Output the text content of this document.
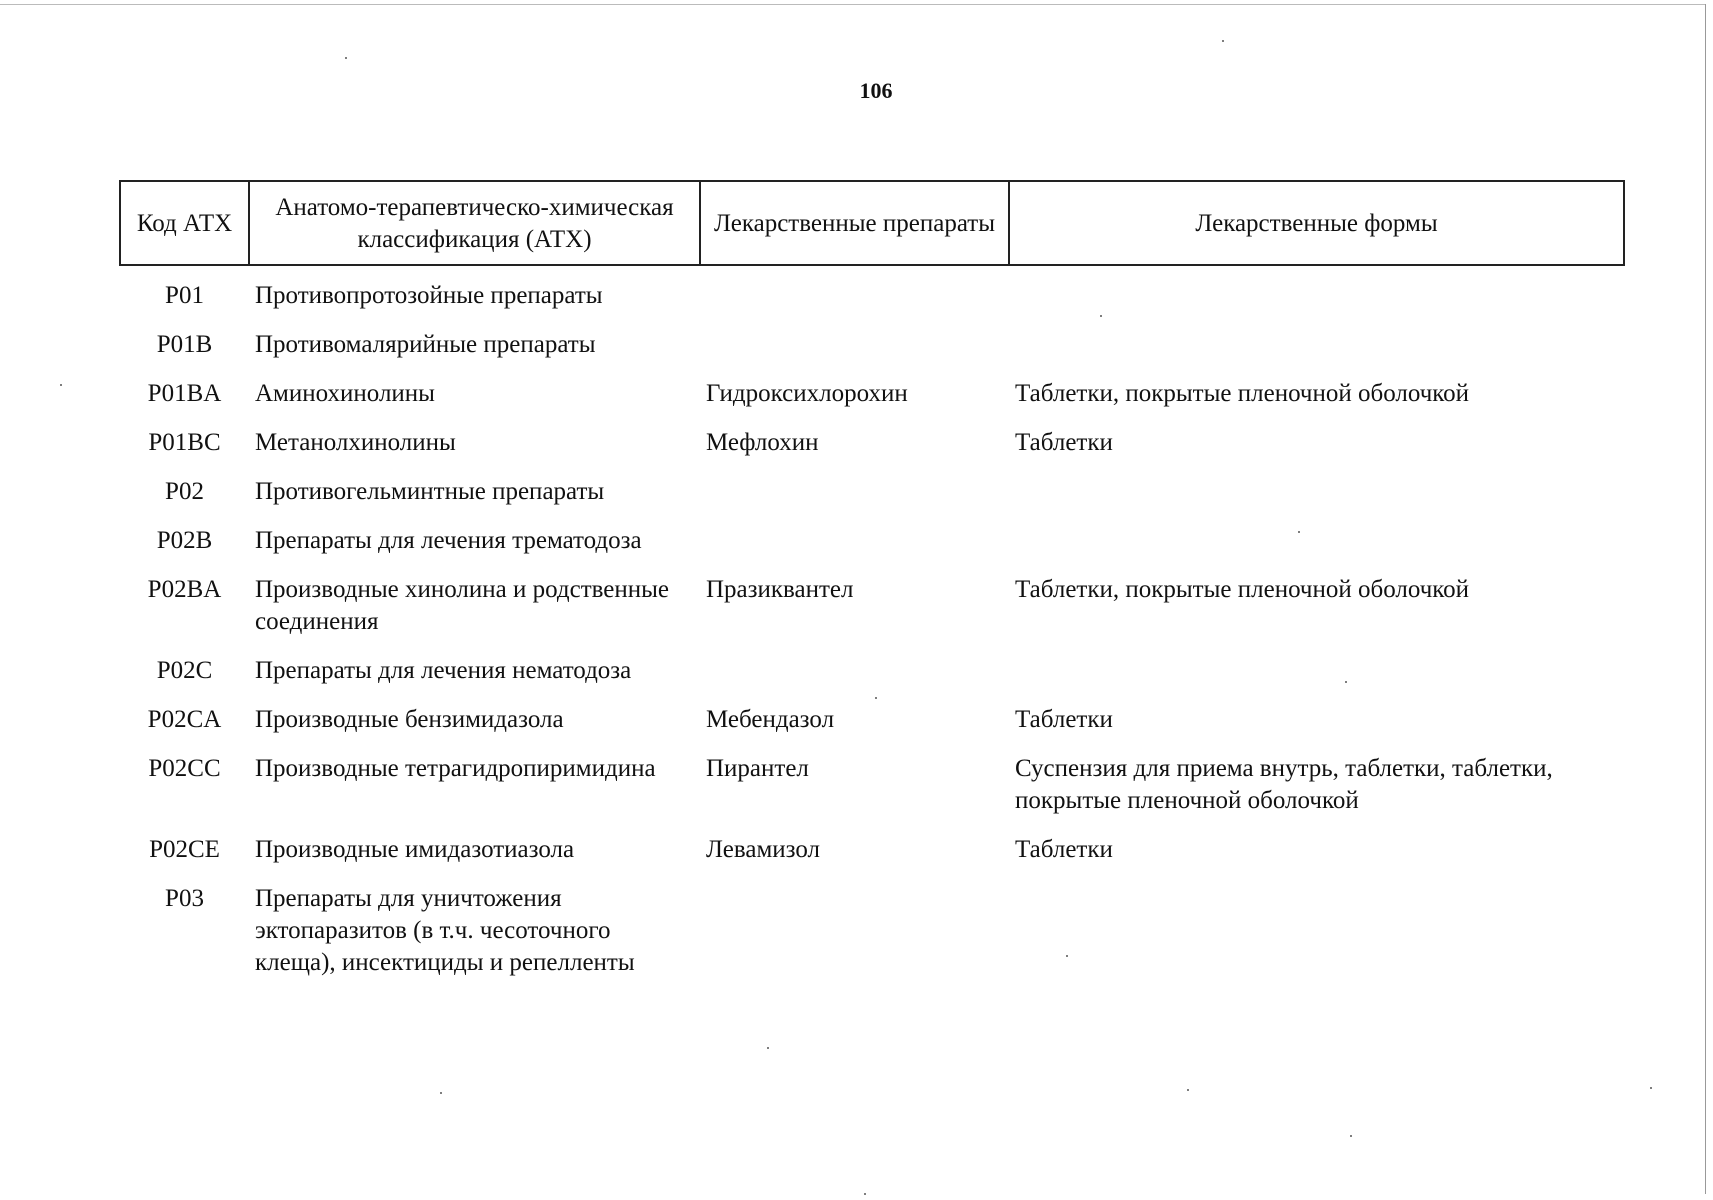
106
Код АТХ	Анатомо-терапевтическо-химическая классификация (АТХ)	Лекарственные препараты	Лекарственные формы
P01	Противопротозойные препараты		
P01B	Противомалярийные препараты		
P01BA	Аминохинолины	Гидроксихлорохин	Таблетки, покрытые пленочной оболочкой
P01BC	Метанолхинолины	Мефлохин	Таблетки
P02	Противогельминтные препараты		
P02B	Препараты для лечения трематодоза		
P02BA	Производные хинолина и родственные соединения	Празиквантел	Таблетки, покрытые пленочной оболочкой
P02C	Препараты для лечения нематодоза		
P02CA	Производные бензимидазола	Мебендазол	Таблетки
P02CC	Производные тетрагидропиримидина	Пирантел	Суспензия для приема внутрь, таблетки, таблетки, покрытые пленочной оболочкой
P02CE	Производные имидазотиазола	Левамизол	Таблетки
P03	Препараты для уничтожения эктопаразитов (в т.ч. чесоточного клеща), инсектициды и репелленты		
